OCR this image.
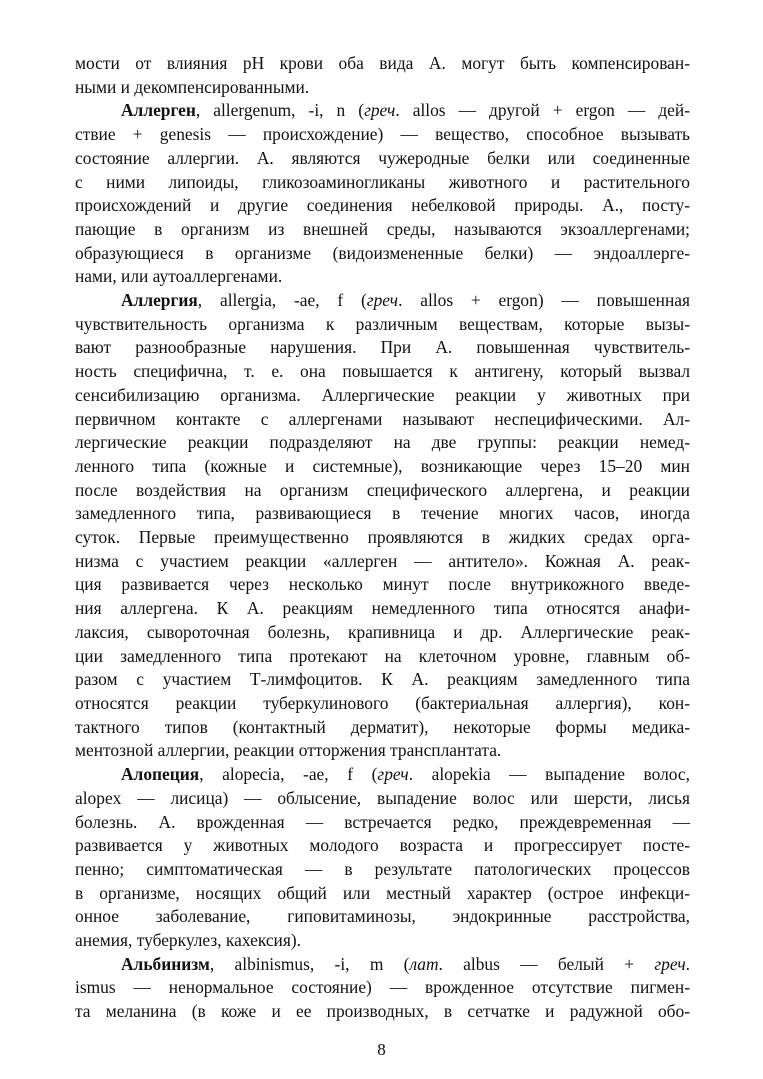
мости от влияния pH крови оба вида А. могут быть компенсирован-
ными и декомпенсированными.
Аллерген, allergenum, -i, n (греч. allos — другой + ergon — дей-
ствие + genesis — происхождение) — вещество, способное вызывать
состояние аллергии. А. являются чужеродные белки или соединенные
с ними липоиды, гликозоаминогликаны животного и растительного
происхождений и другие соединения небелковой природы. А., посту-
пающие в организм из внешней среды, называются экзоаллергенами;
образующиеся в организме (видоизмененные белки) — эндоаллерге-
нами, или аутоаллергенами.
Аллергия, allergia, -ae, f (греч. allos + ergon) — повышенная
чувствительность организма к различным веществам, которые вызы-
вают разнообразные нарушения. При А. повышенная чувствитель-
ность специфична, т. е. она повышается к антигену, который вызвал
сенсибилизацию организма. Аллергические реакции у животных при
первичном контакте с аллергенами называют неспецифическими. Ал-
лергические реакции подразделяют на две группы: реакции немед-
ленного типа (кожные и системные), возникающие через 15–20 мин
после воздействия на организм специфического аллергена, и реакции
замедленного типа, развивающиеся в течение многих часов, иногда
суток. Первые преимущественно проявляются в жидких средах орга-
низма с участием реакции «аллерген — антитело». Кожная А. реак-
ция развивается через несколько минут после внутрикожного введе-
ния аллергена. К А. реакциям немедленного типа относятся анафи-
лаксия, сывороточная болезнь, крапивница и др. Аллергические реак-
ции замедленного типа протекают на клеточном уровне, главным об-
разом с участием Т-лимфоцитов. К А. реакциям замедленного типа
относятся реакции туберкулинового (бактериальная аллергия), кон-
тактного типов (контактный дерматит), некоторые формы медика-
ментозной аллергии, реакции отторжения трансплантата.
Алопеция, alopecia, -ae, f (греч. alopekia — выпадение волос,
alopex — лисица) — облысение, выпадение волос или шерсти, лисья
болезнь. А. врожденная — встречается редко, преждевременная —
развивается у животных молодого возраста и прогрессирует посте-
пенно; симптоматическая — в результате патологических процессов
в организме, носящих общий или местный характер (острое инфекци-
онное заболевание, гиповитаминозы, эндокринные расстройства,
анемия, туберкулез, кахексия).
Альбинизм, albinismus, -i, m (лат. albus — белый + греч.
ismus — ненормальное состояние) — врожденное отсутствие пигмен-
та меланина (в коже и ее производных, в сетчатке и радужной обо-
8
